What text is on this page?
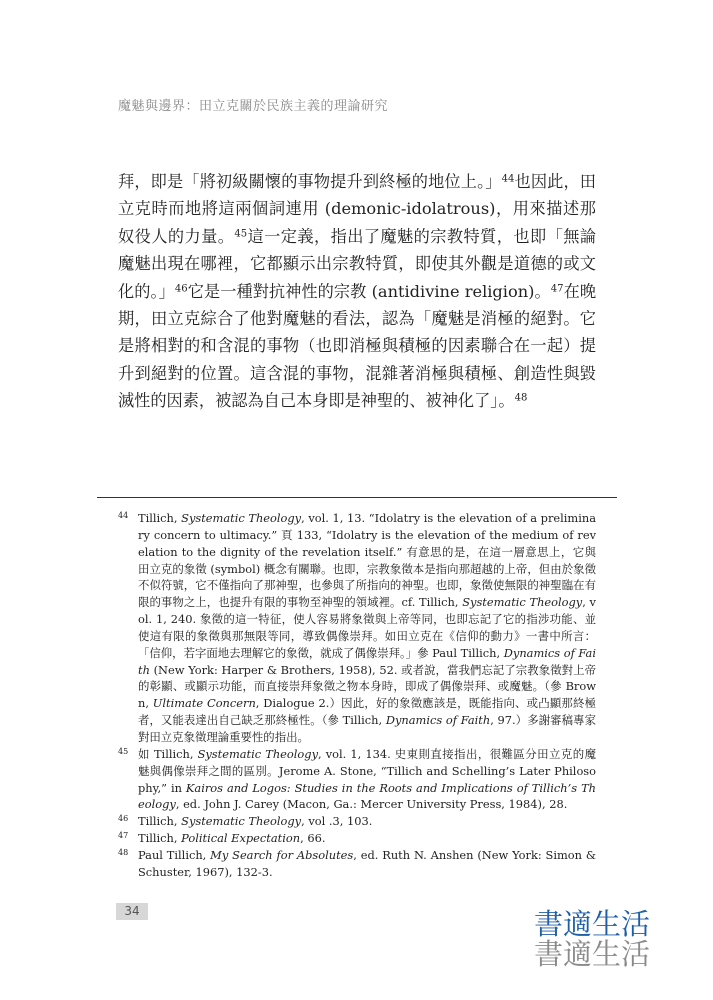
魔魅與邊界：田立克關於民族主義的理論研究
拜，即是「將初級關懷的事物提升到終極的地位上。」$^{44}$也因此，田立克時而地將這兩個詞連用 (demonic-idolatrous)，用來描述那奴役人的力量。$^{45}$這一定義，指出了魔魅的宗教特質，也即「無論魔魅出現在哪裡，它都顯示出宗教特質，即使其外觀是道德的或文化的。」$^{46}$它是一種對抗神性的宗教 (antidivine religion)。$^{47}$在晚期，田立克綜合了他對魔魅的看法，認為「魔魅是消極的絕對。它是將相對的和含混的事物（也即消極與積極的因素聯合在一起）提升到絕對的位置。這含混的事物，混雜著消極與積極、創造性與毀滅性的因素，被認為自己本身即是神聖的、被神化了」。$^{48}$
44 Tillich, Systematic Theology, vol. 1, 13. “Idolatry is the elevation of a preliminary concern to ultimacy.” 頁 133, “Idolatry is the elevation of the medium of revelation to the dignity of the revelation itself.” 有意思的是，在這一層意思上，它與田立克的象徵 (symbol) 概念有關聯。也即，宗教象徵本是指向那超越的上帝，但由於象徵不似符號，它不僅指向了那神聖，也參與了所指向的神聖。也即，象徵使無限的神聖臨在有限的事物之上，也提升有限的事物至神聖的領域裡。cf. Tillich, Systematic Theology, vol. 1, 240. 象徵的這一特征，使人容易將象徵與上帝等同，也即忘記了它的指涉功能、並使這有限的象徵與那無限等同，導致偶像崇拜。如田立克在《信仰的動力》一書中所言：「信仰，若字面地去理解它的象徵，就成了偶像崇拜。」參 Paul Tillich, Dynamics of Faith (New York: Harper & Brothers, 1958), 52. 或者說，當我們忘記了宗教象徵對上帝的彰顯、或顯示功能，而直接崇拜象徵之物本身時，即成了偶像崇拜、或魔魅。（參 Brown, Ultimate Concern, Dialogue 2.）因此，好的象徵應該是，既能指向、或凸顯那終極者，又能表達出自己缺乏那終極性。（參 Tillich, Dynamics of Faith, 97.）多謝審稿專家對田立克象徵理論重要性的指出。
45 如 Tillich, Systematic Theology, vol. 1, 134. 史東則直接指出，很難區分田立克的魔魅與偶像崇拜之間的區別。Jerome A. Stone, “Tillich and Schelling’s Later Philosophy,” in Kairos and Logos: Studies in the Roots and Implications of Tillich’s Theology, ed. John J. Carey (Macon, Ga.: Mercer University Press, 1984), 28.
46 Tillich, Systematic Theology, vol .3, 103.
47 Tillich, Political Expectation, 66.
48 Paul Tillich, My Search for Absolutes, ed. Ruth N. Anshen (New York: Simon & Schuster, 1967), 132-3.
34	書適生活
書適生活
